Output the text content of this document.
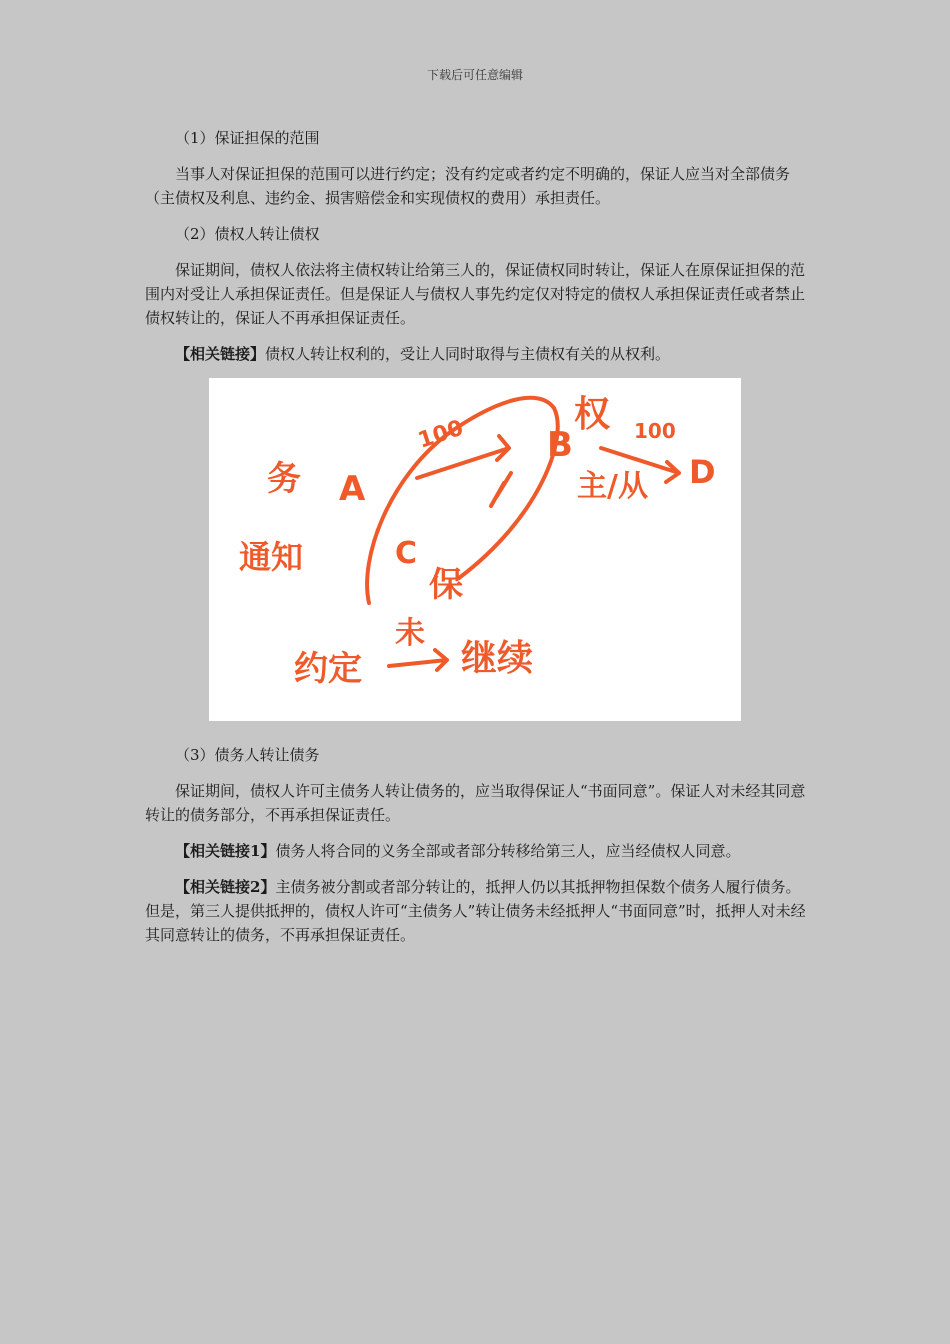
下载后可任意编辑

（1）保证担保的范围

当事人对保证担保的范围可以进行约定；没有约定或者约定不明确的，保证人应当对全部债务（主债权及利息、违约金、损害赔偿金和实现债权的费用）承担责任。

（2）债权人转让债权

保证期间，债权人依法将主债权转让给第三人的，保证债权同时转让，保证人在原保证担保的范围内对受让人承担保证责任。但是保证人与债权人事先约定仅对特定的债权人承担保证责任或者禁止债权转让的，保证人不再承担保证责任。

【相关链接】债权人转让权利的，受让人同时取得与主债权有关的从权利。

务 A
100 B
权 100
D
主/从
通知	C
保
约定
未
继续

（3）债务人转让债务

保证期间，债权人许可主债务人转让债务的，应当取得保证人“书面同意”。保证人对未经其同意转让的债务部分，不再承担保证责任。

【相关链接1】债务人将合同的义务全部或者部分转移给第三人，应当经债权人同意。

【相关链接2】主债务被分割或者部分转让的，抵押人仍以其抵押物担保数个债务人履行债务。但是，第三人提供抵押的，债权人许可“主债务人”转让债务未经抵押人“书面同意”时，抵押人对未经其同意转让的债务，不再承担保证责任。
